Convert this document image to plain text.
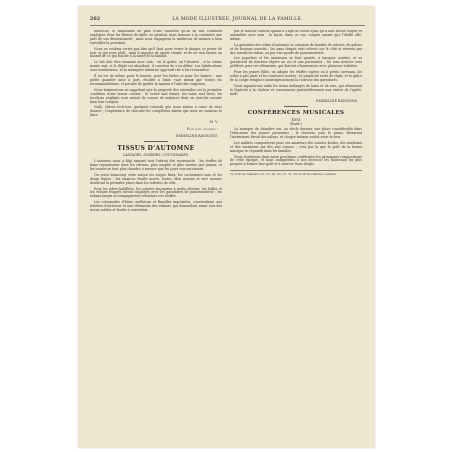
202	LA MODE ILLUSTRÉE, JOURNAL DE LA FAMILLE.

naturelle, et finalement on pâlit d'une faiblesse qu'on ne sait comment expliquer. Pour les ébènes de table, en général, nous laissons à la cuisinière une part de son discernement ; mais nous engageons la maîtresse de maison à bien surveiller la provision.

Nous ne voulons certes pas dire qu'il faut, pour éviter le danger, se priver de tout ce qui nous plaît ; mais il importe de savoir choisir, et de ne rien laisser au hasard de ce qui touche à la santé de la famille.

Le lait doit être examiné avec soin : on le goûte, on l'observe ; si la crème monte mal, si le dépôt est abondant, il convient de s'en défier. Les falsifications sont nombreuses, et la ménagère attentive apprend vite à les reconnaître.

Il en est de même pour le beurre, pour les huiles et pour les farines ; une petite quantité mise à part, étudiée à loisir, vaut mieux que toutes les recommandations, et permet de garder la maison à l'abri des surprises.

Nous terminerons en rappelant que la propreté des ustensiles est la première condition d'une bonne cuisine : le cuivre mal étamé, les vases mal lavés, les torchons négligés sont autant de causes de malaises dont on cherche ensuite bien loin l'origine.

Voilà, chères lectrices, quelques conseils que nous avions à cœur de vous donner ; l'expérience de chacune les complètera mieux que nous ne saurions le faire.

M. V.
Pour copie conforme :
EMMELINE RAYMOND.
TISSUS D'AUTOMNE
LAINAGES, SOIERIES, COTONNADES.

L'automne nous a déjà ramené tout l'attrait des nouveautés : les étoffes de laine reparaissent dans les vitrines, plus souples et plus variées que jamais, et les teintes se font plus chaudes à mesure que les jours raccourcissent.

On verra beaucoup cette saison les serges fines, les cachemires unis et les draps légers ; les nuances feuille morte, loutre, bleu marine et vert mousse tiendront la première place dans les toilettes de ville.

Pour les robes habillées, les soieries façonnées à petits dessins, les failles et les velours frappés seront employés avec les garnitures de passementerie ; les rubans larges accompagneront volontiers ces étoffes.

Les cotonnades d'hiver, molletons et flanelles imprimées, conviendront aux toilettes d'intérieur et aux vêtements des enfants, qui demandent avant tout des tissus solides et faciles à entretenir.

par le tailleur, surtout quand il s'agit de tissus épais qu'il faut savoir couper et assembler avec soin ; la façon, dans ce cas, compte autant que l'étoffe elle-même.

La garniture des robes d'automne se compose de bandes de velours, de galons et de boutons assortis ; les pans drapés sont relevés sur le côté et retenus par des nœuds de ruban, ou par une agrafe de passementerie.

Les jaquettes et les manteaux se font ajustés, à basques courtes, et se garnissent de fourrure légère au col et aux parements ; les tons neutres sont préférés pour ces vêtements, qui doivent s'harmoniser avec plusieurs toilettes.

Pour les jeunes filles, on adopte les étoffes rayées ou à petits carreaux, les robes à plis plats et les ceintures nouées ; la simplicité reste de règle, et la grâce de la coupe remplace avantageusement la richesse des garnitures.

Nous signalerons enfin les tissus mélangés de laine et de soie, qui réunissent la légèreté à la chaleur et conviennent particulièrement aux visites de l'après-midi.

EMMELINE RAYMOND.
CONFÉRENCES MUSICALES
XVII
(Suite.)

La musique de chambre eut, au siècle dernier, une place considérable dans l'éducation des jeunes personnes ; le clavecin, puis le piano, devinrent l'instrument favori des salons, et chaque maison voulut avoir le sien.

Les maîtres composèrent pour ces amateurs des sonates faciles, des rondeaux et des variations sur des airs connus ; c'est par là que le goût de la bonne musique se répandit dans les familles.

Nous étudierons dans notre prochaine conférence les principaux compositeurs de cette époque, et nous indiquerons à nos lectrices les morceaux les plus propres à former leur goût et à exercer leurs doigts.

(1) Voir les numéros 12, 15, 19, 23, 27, 31, 35 et 38 de l'année courante.
